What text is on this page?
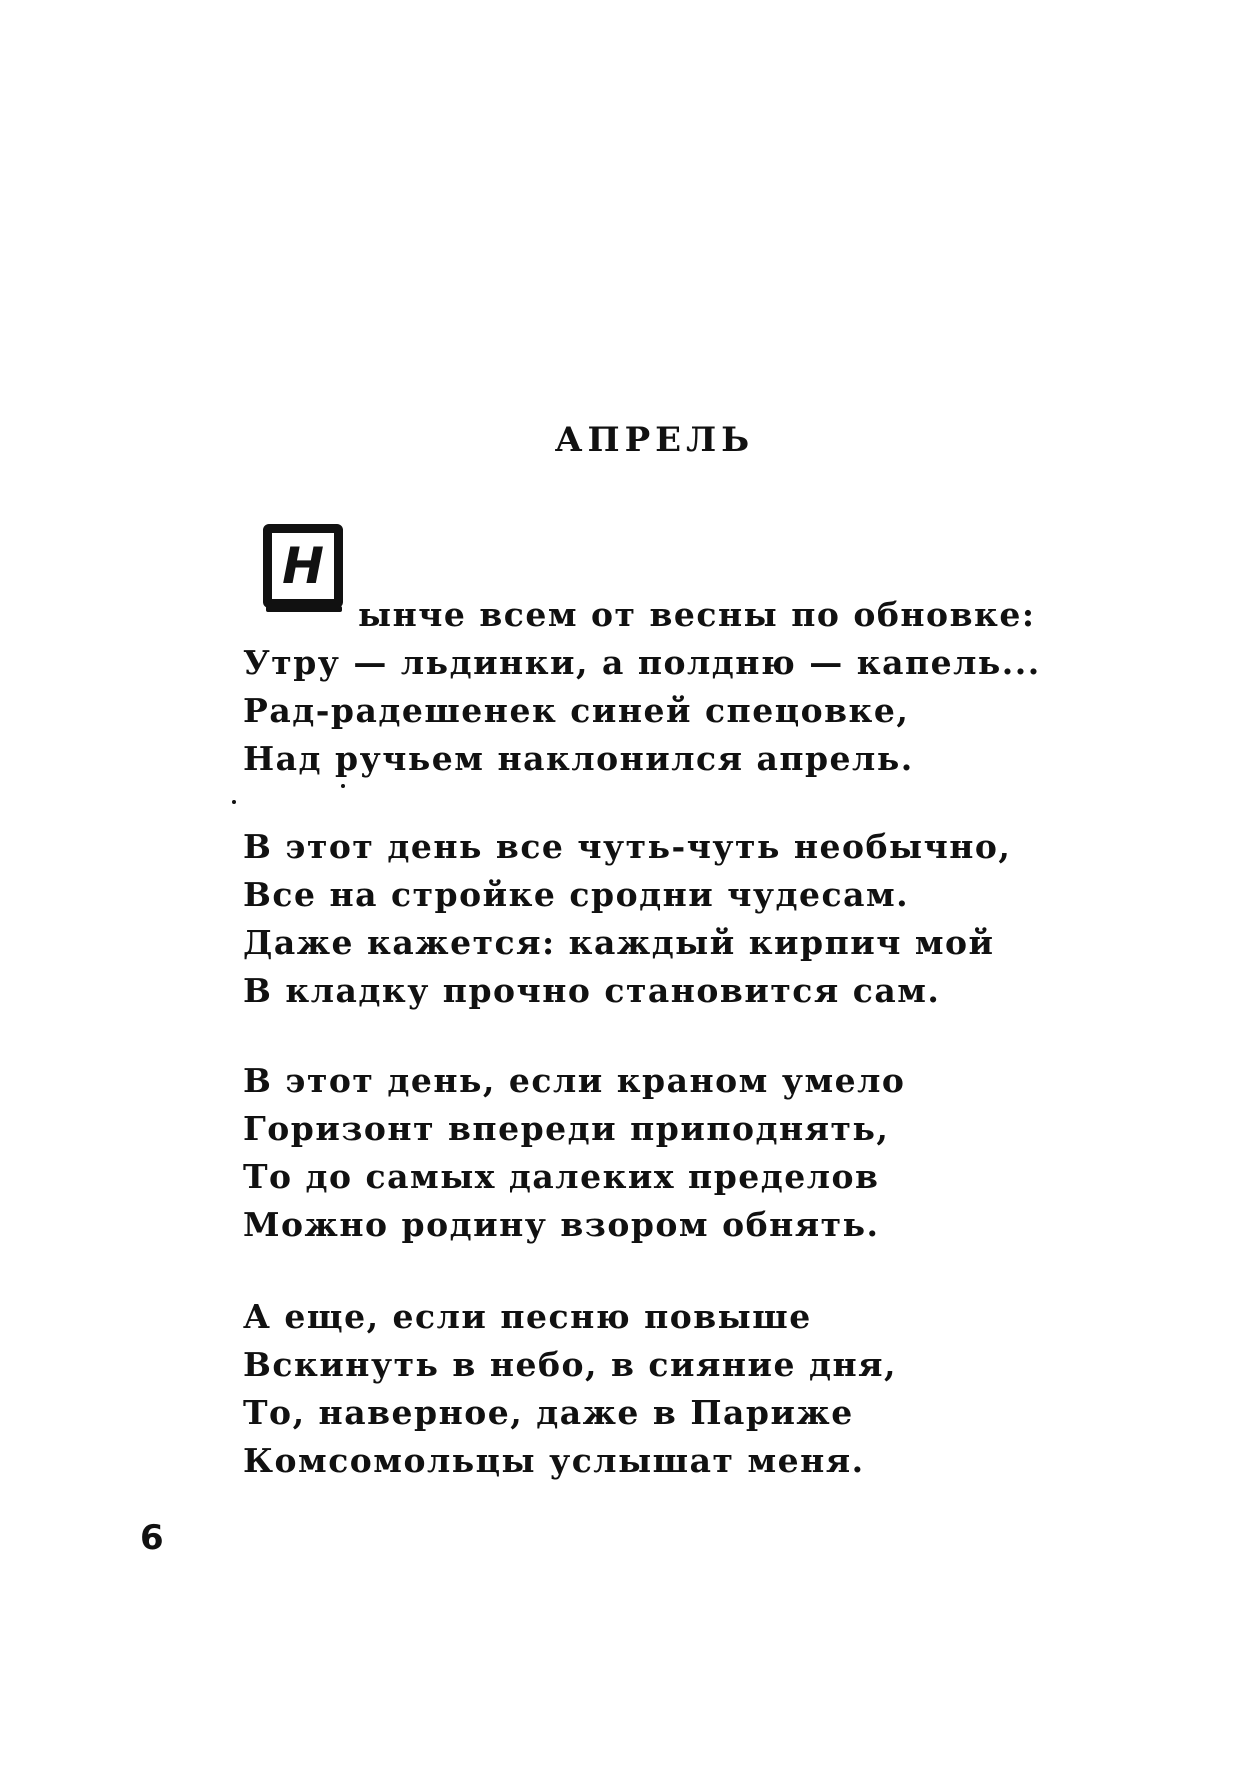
АПРЕЛЬ
Н
ынче всем от весны по обновке:
Утру — льдинки, а полдню — капель...
Рад-радешенек синей спецовке,
Над ручьем наклонился апрель.
В этот день все чуть-чуть необычно,
Все на стройке сродни чудесам.
Даже кажется: каждый кирпич мой
В кладку прочно становится сам.
В этот день, если краном умело
Горизонт впереди приподнять,
То до самых далеких пределов
Можно родину взором обнять.
А еще, если песню повыше
Вскинуть в небо, в сияние дня,
То, наверное, даже в Париже
Комсомольцы услышат меня.
6
